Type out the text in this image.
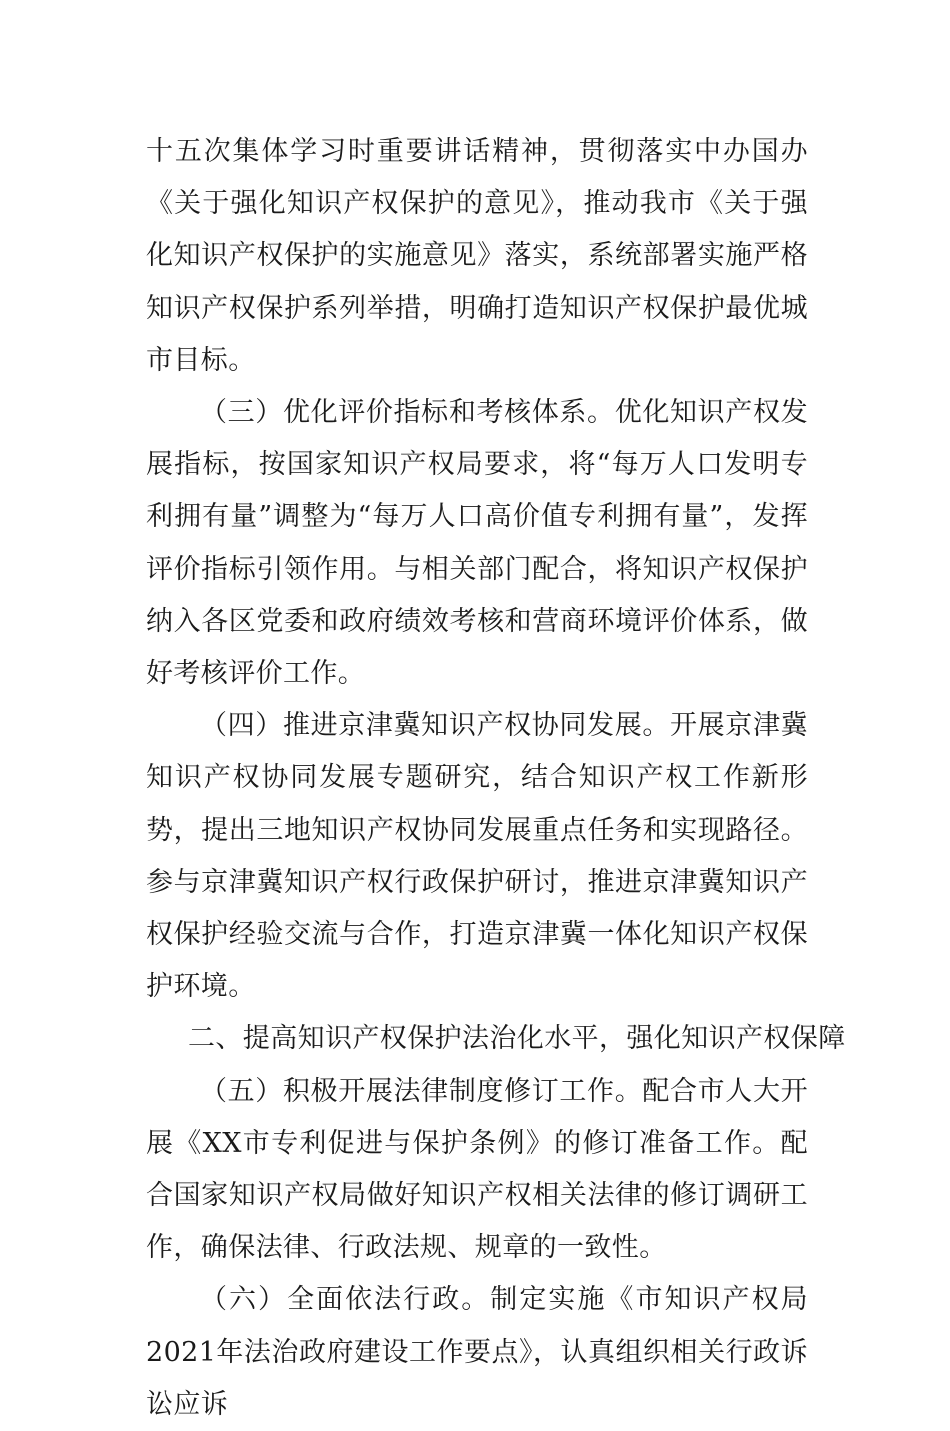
十五次集体学习时重要讲话精神，贯彻落实中办国办《关于强化知识产权保护的意见》，推动我市《关于强化知识产权保护的实施意见》落实，系统部署实施严格知识产权保护系列举措，明确打造知识产权保护最优城市目标。

（三）优化评价指标和考核体系。优化知识产权发展指标，按国家知识产权局要求，将“每万人口发明专利拥有量”调整为“每万人口高价值专利拥有量”，发挥评价指标引领作用。与相关部门配合，将知识产权保护纳入各区党委和政府绩效考核和营商环境评价体系，做好考核评价工作。

（四）推进京津冀知识产权协同发展。开展京津冀知识产权协同发展专题研究，结合知识产权工作新形势，提出三地知识产权协同发展重点任务和实现路径。参与京津冀知识产权行政保护研讨，推进京津冀知识产权保护经验交流与合作，打造京津冀一体化知识产权保护环境。

二、提高知识产权保护法治化水平，强化知识产权保障

（五）积极开展法律制度修订工作。配合市人大开展《XX市专利促进与保护条例》的修订准备工作。配合国家知识产权局做好知识产权相关法律的修订调研工作，确保法律、行政法规、规章的一致性。

（六）全面依法行政。制定实施《市知识产权局2021年法治政府建设工作要点》，认真组织相关行政诉讼应诉
